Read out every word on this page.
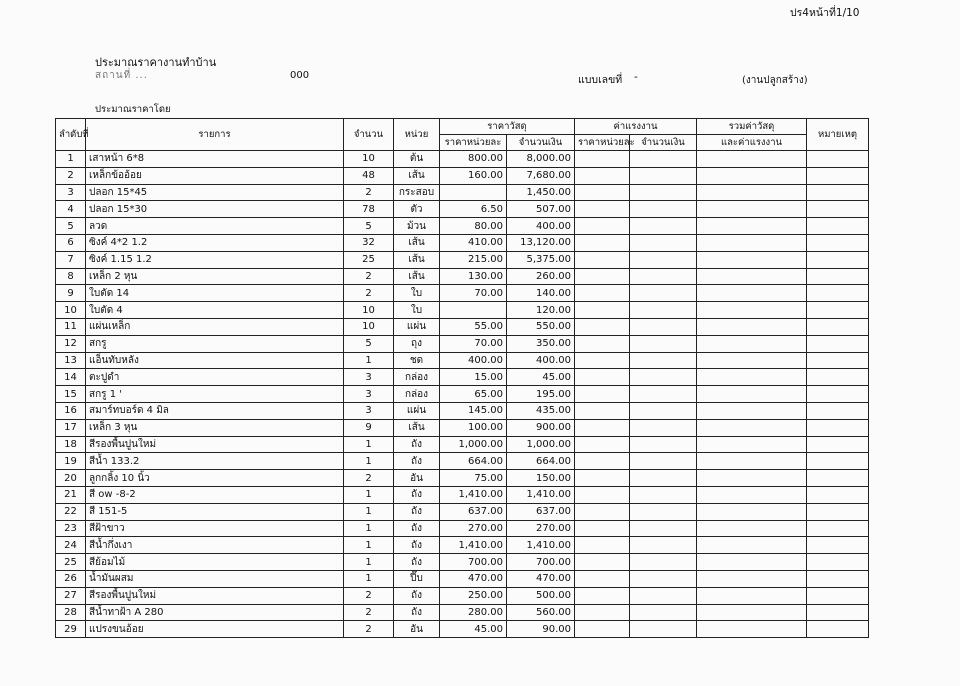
ปร4หน้าที่1/10
ประมาณราคางานทำบ้าน
สถานที่ ...	000	แบบเลขที่ -	(งานปลูกสร้าง)
ประมาณราคาโดย
ลำดับที่	รายการ	จำนวน	หน่วย	ราคาวัสดุ		ค่าแรงงาน		รวมค่าวัสดุ	หมายเหตุ
				ราคาหน่วยละ	จำนวนเงิน	ราคาหน่วยละ	จำนวนเงิน	และค่าแรงงาน	
1	เสาหน้า 6*8	10	ต้น	800.00	8,000.00				
2	เหล็กข้ออ้อย	48	เส้น	160.00	7,680.00				
3	ปลอก 15*45	2	กระสอบ		1,450.00				
4	ปลอก 15*30	78	ตัว	6.50	507.00				
5	ลวด	5	ม้วน	80.00	400.00				
6	ซิงค์ 4*2 1.2	32	เส้น	410.00	13,120.00				
7	ซิงค์ 1.15 1.2	25	เส้น	215.00	5,375.00				
8	เหล็ก 2 หุน	2	เส้น	130.00	260.00				
9	ใบตัด 14	2	ใบ	70.00	140.00				
10	ใบตัด 4	10	ใบ		120.00				
11	แผ่นเหล็ก	10	แผ่น	55.00	550.00				
12	สกรู	5	ถุง	70.00	350.00				
13	แอ็นทับหลัง	1	ชด	400.00	400.00				
14	ตะปูดำ	3	กล่อง	15.00	45.00				
15	สกรู 1 '	3	กล่อง	65.00	195.00				
16	สมาร์ทบอร์ด 4 มิล	3	แผ่น	145.00	435.00				
17	เหล็ก 3 หุน	9	เส้น	100.00	900.00				
18	สีรองพื้นปูนใหม่	1	ถัง	1,000.00	1,000.00				
19	สีน้ำ 133.2	1	ถัง	664.00	664.00				
20	ลูกกลิ้ง 10 นิ้ว	2	อัน	75.00	150.00				
21	สี ow -8-2	1	ถัง	1,410.00	1,410.00				
22	สี 151-5	1	ถัง	637.00	637.00				
23	สีฝ้าขาว	1	ถัง	270.00	270.00				
24	สีน้ำกึ่งเงา	1	ถัง	1,410.00	1,410.00				
25	สีย้อมไม้	1	ถัง	700.00	700.00				
26	น้ำมันผสม	1	ปี๊บ	470.00	470.00				
27	สีรองพื้นปูนใหม่	2	ถัง	250.00	500.00				
28	สีน้ำทาฝ้า A 280	2	ถัง	280.00	560.00				
29	แปรงขนอ้อย	2	อัน	45.00	90.00				
